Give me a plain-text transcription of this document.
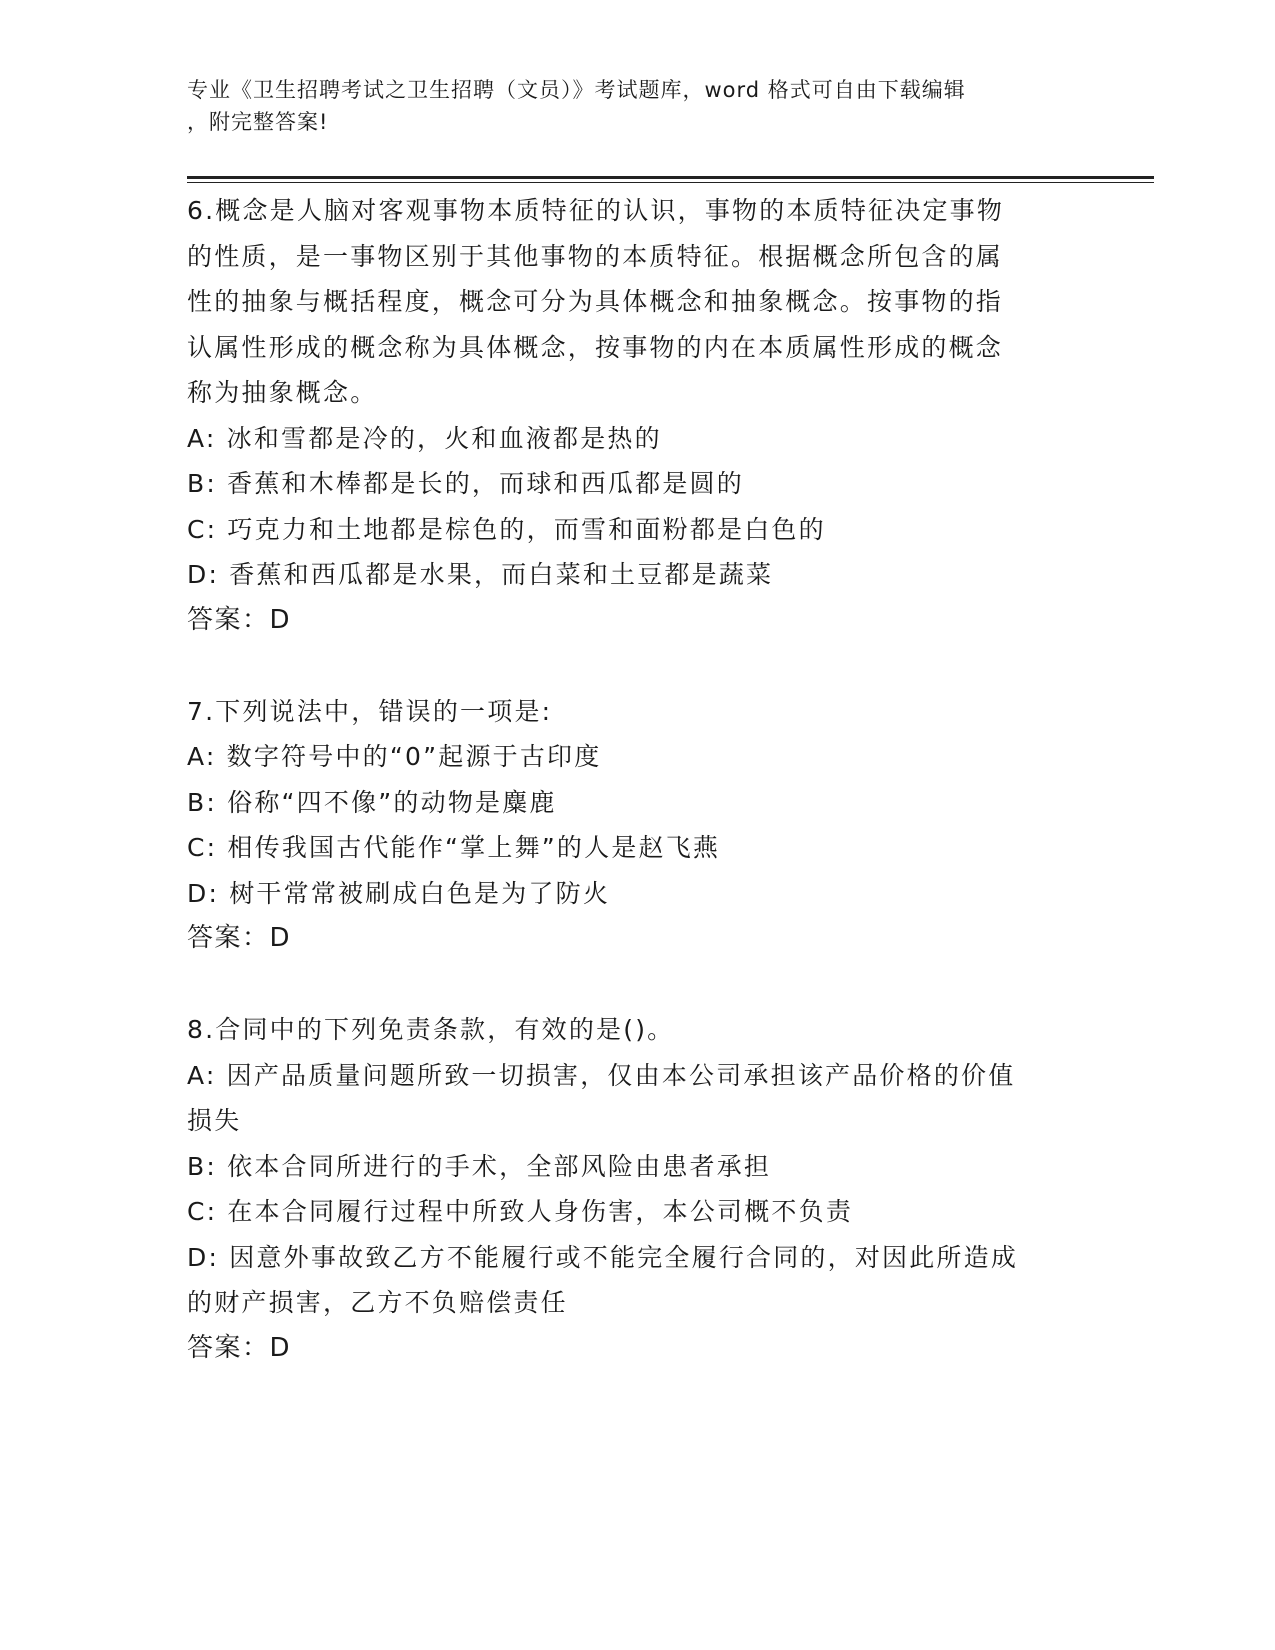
专业《卫生招聘考试之卫生招聘（文员）》考试题库，word 格式可自由下载编辑
，附完整答案!
6.概念是人脑对客观事物本质特征的认识，事物的本质特征决定事物
的性质，是一事物区别于其他事物的本质特征。根据概念所包含的属
性的抽象与概括程度，概念可分为具体概念和抽象概念。按事物的指
认属性形成的概念称为具体概念，按事物的内在本质属性形成的概念
称为抽象概念。
A: 冰和雪都是冷的，火和血液都是热的
B: 香蕉和木棒都是长的，而球和西瓜都是圆的
C: 巧克力和土地都是棕色的，而雪和面粉都是白色的
D: 香蕉和西瓜都是水果，而白菜和土豆都是蔬菜
答案：D
7.下列说法中，错误的一项是:
A: 数字符号中的“0”起源于古印度
B: 俗称“四不像”的动物是麋鹿
C: 相传我国古代能作“掌上舞”的人是赵飞燕
D: 树干常常被刷成白色是为了防火
答案：D
8.合同中的下列免责条款，有效的是()。
A: 因产品质量问题所致一切损害，仅由本公司承担该产品价格的价值
损失
B: 依本合同所进行的手术，全部风险由患者承担
C: 在本合同履行过程中所致人身伤害，本公司概不负责
D: 因意外事故致乙方不能履行或不能完全履行合同的，对因此所造成
的财产损害，乙方不负赔偿责任
答案：D
